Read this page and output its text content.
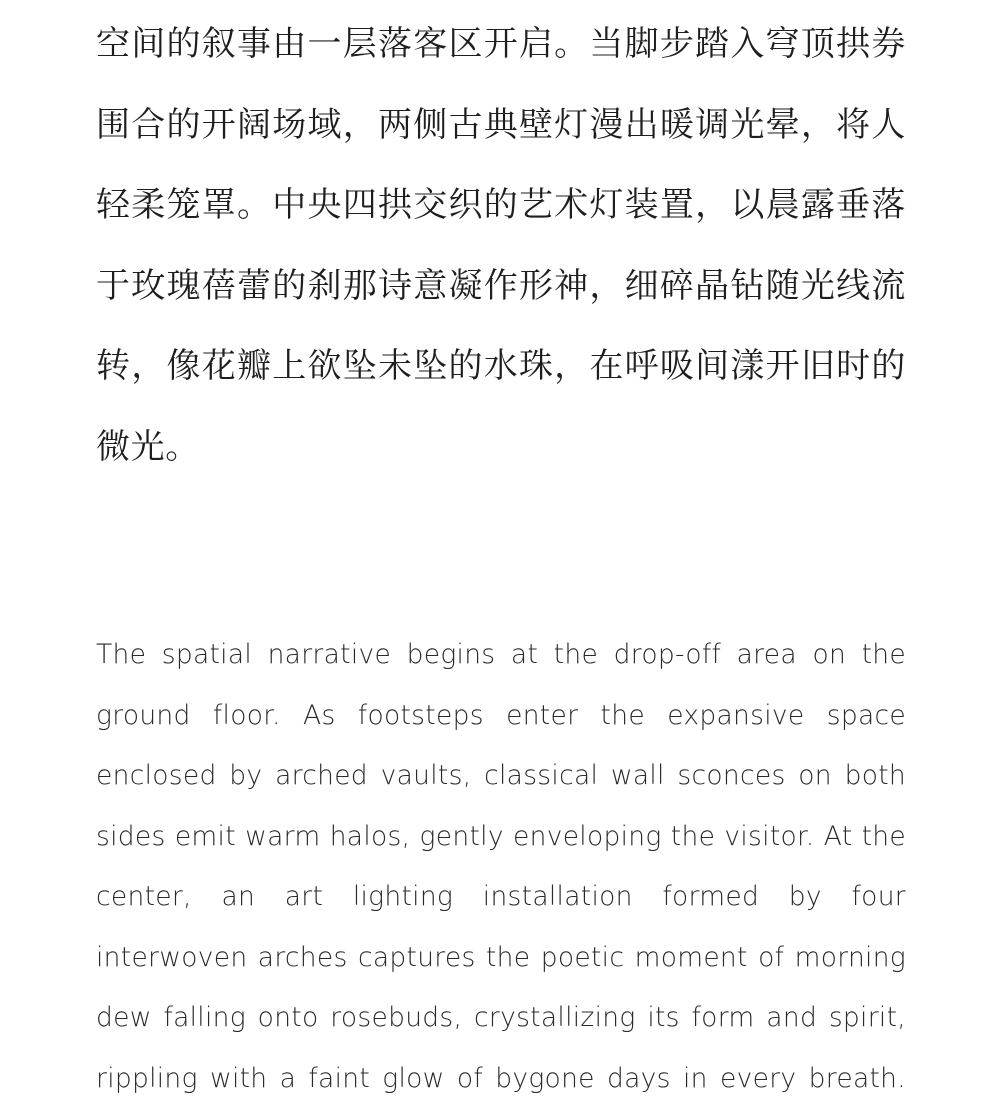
空间的叙事由一层落客区开启。当脚步踏入穹顶拱券围合的开阔场域，两侧古典壁灯漫出暖调光晕，将人轻柔笼罩。中央四拱交织的艺术灯装置，以晨露垂落于玫瑰蓓蕾的刹那诗意凝作形神，细碎晶钻随光线流转，像花瓣上欲坠未坠的水珠，在呼吸间漾开旧时的微光。

The spatial narrative begins at the drop-off area on the ground floor. As footsteps enter the expansive space enclosed by arched vaults, classical wall sconces on both sides emit warm halos, gently enveloping the visitor. At the center, an art lighting installation formed by four interwoven arches captures the poetic moment of morning dew falling onto rosebuds, crystallizing its form and spirit, rippling with a faint glow of bygone days in every breath.
